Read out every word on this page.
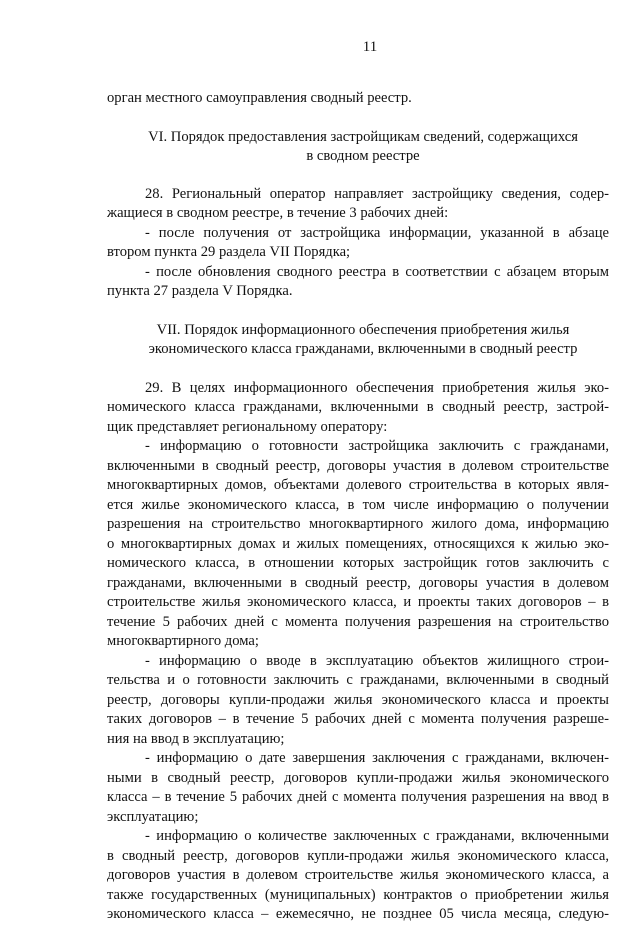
11
орган местного самоуправления сводный реестр.
VI. Порядок предоставления застройщикам сведений, содержащихся
в сводном реестре
28. Региональный оператор направляет застройщику сведения, содер-
жащиеся в сводном реестре, в течение 3 рабочих дней:
- после получения от застройщика информации, указанной в абзаце
втором пункта 29 раздела VII Порядка;
- после обновления сводного реестра в соответствии с абзацем вторым
пункта 27 раздела V Порядка.
VII. Порядок информационного обеспечения приобретения жилья
экономического класса гражданами, включенными в сводный реестр
29. В целях информационного обеспечения приобретения жилья эко-
номического класса гражданами, включенными в сводный реестр, застрой-
щик представляет региональному оператору:
- информацию о готовности застройщика заключить с гражданами,
включенными в сводный реестр, договоры участия в долевом строительстве
многоквартирных домов, объектами долевого строительства в которых явля-
ется жилье экономического класса, в том числе информацию о получении
разрешения на строительство многоквартирного жилого дома, информацию
о многоквартирных домах и жилых помещениях, относящихся к жилью эко-
номического класса, в отношении которых застройщик готов заключить с
гражданами, включенными в сводный реестр, договоры участия в долевом
строительстве жилья экономического класса, и проекты таких договоров – в
течение 5 рабочих дней с момента получения разрешения на строительство
многоквартирного дома;
- информацию о вводе в эксплуатацию объектов жилищного строи-
тельства и о готовности заключить с гражданами, включенными в сводный
реестр, договоры купли-продажи жилья экономического класса и проекты
таких договоров – в течение 5 рабочих дней с момента получения разреше-
ния на ввод в эксплуатацию;
- информацию о дате завершения заключения с гражданами, включен-
ными в сводный реестр, договоров купли-продажи жилья экономического
класса – в течение 5 рабочих дней с момента получения разрешения на ввод в
эксплуатацию;
- информацию о количестве заключенных с гражданами, включенными
в сводный реестр, договоров купли-продажи жилья экономического класса,
договоров участия в долевом строительстве жилья экономического класса, а
также государственных (муниципальных) контрактов о приобретении жилья
экономического класса – ежемесячно, не позднее 05 числа месяца, следую-
